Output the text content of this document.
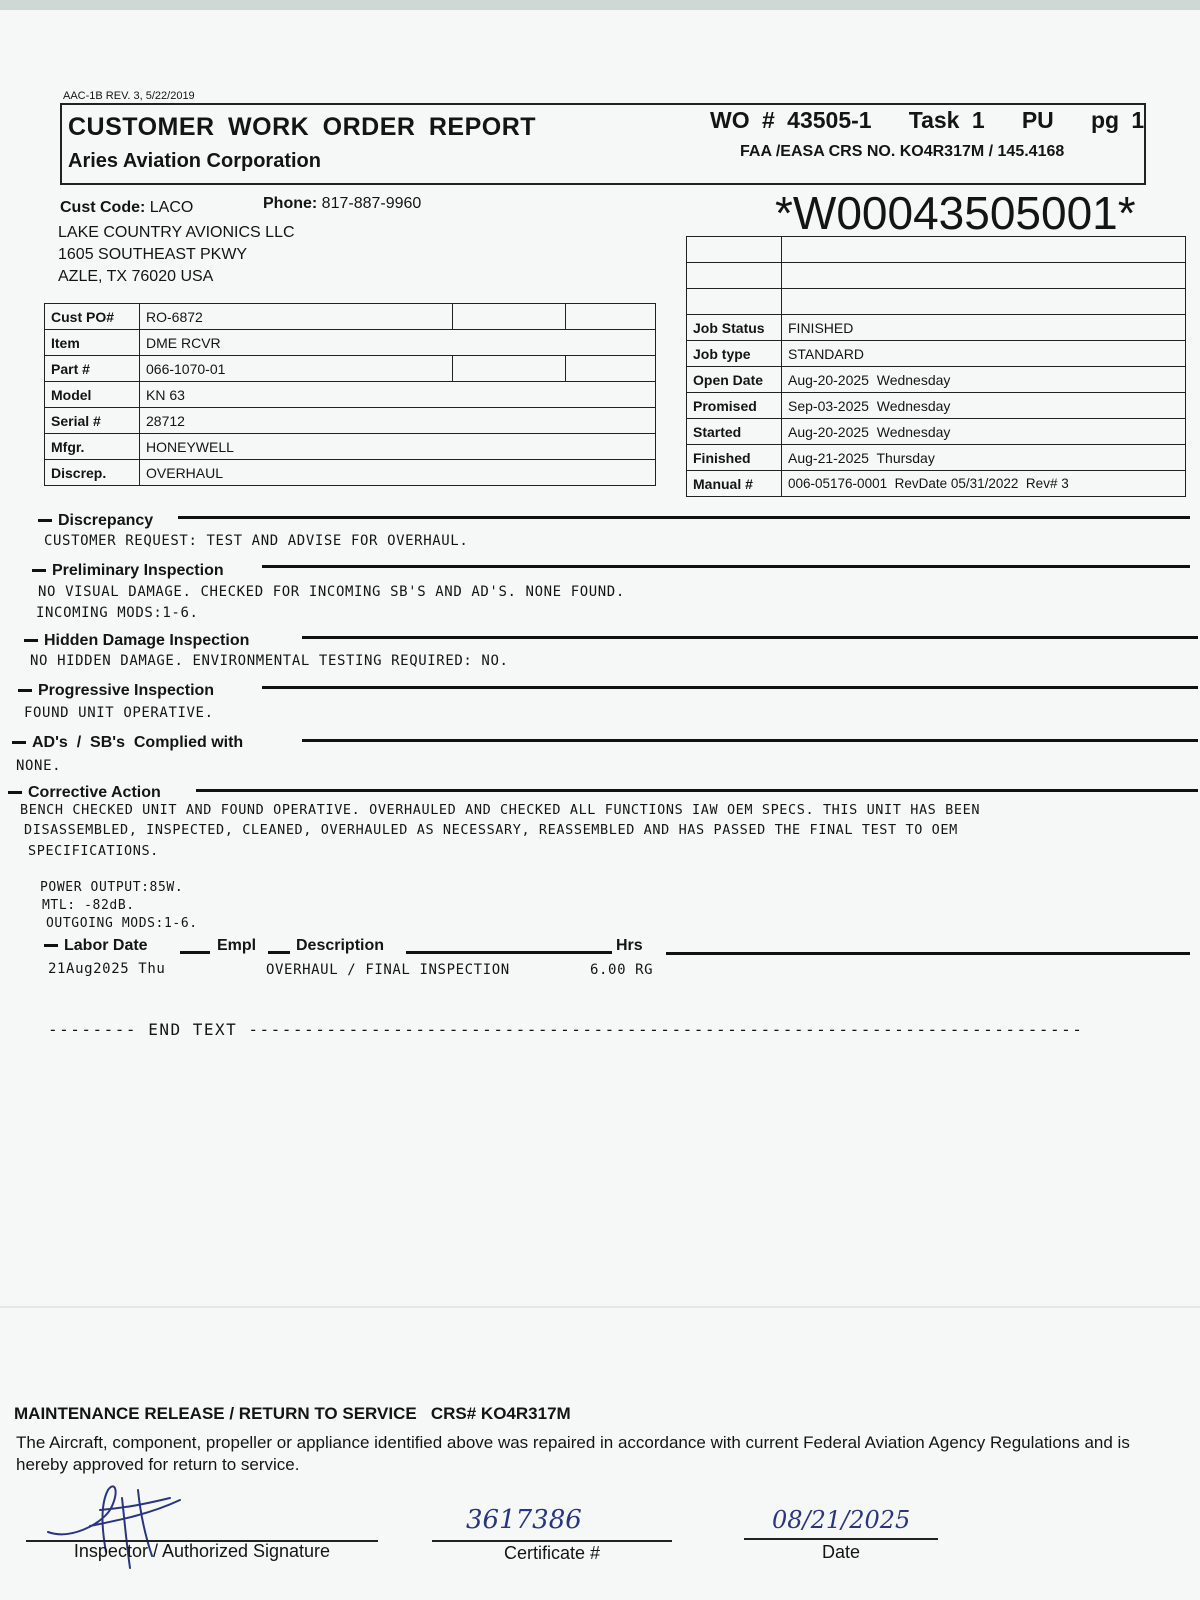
AAC-1B REV. 3, 5/22/2019
CUSTOMER WORK ORDER REPORT
Aries Aviation Corporation
WO # 43505-1   Task 1   PU   pg 1
FAA /EASA CRS NO. KO4R317M / 145.4168
*W00043505001*
Cust Code: LACO	Phone: 817-887-9960
LAKE COUNTRY AVIONICS LLC
1605 SOUTHEAST PKWY
AZLE, TX 76020 USA
Cust PO#	RO-6872		
Item	DME RCVR		
Part #	066-1070-01		
Model	KN 63		
Serial #	28712		
Mfgr.	HONEYWELL		
Discrep.	OVERHAUL		

Job Status	FINISHED
Job type	STANDARD
Open Date	Aug-20-2025  Wednesday
Promised	Sep-03-2025  Wednesday
Started	Aug-20-2025  Wednesday
Finished	Aug-21-2025  Thursday
Manual #	006-05176-0001  RevDate 05/31/2022  Rev# 3
Discrepancy
CUSTOMER REQUEST: TEST AND ADVISE FOR OVERHAUL.
Preliminary Inspection
NO VISUAL DAMAGE. CHECKED FOR INCOMING SB'S AND AD'S. NONE FOUND.
INCOMING MODS:1-6.
Hidden Damage Inspection
NO HIDDEN DAMAGE. ENVIRONMENTAL TESTING REQUIRED: NO.
Progressive Inspection
FOUND UNIT OPERATIVE.
AD's  /  SB's  Complied with
NONE.
Corrective Action
BENCH CHECKED UNIT AND FOUND OPERATIVE. OVERHAULED AND CHECKED ALL FUNCTIONS IAW OEM SPECS. THIS UNIT HAS BEEN
DISASSEMBLED, INSPECTED, CLEANED, OVERHAULED AS NECESSARY, REASSEMBLED AND HAS PASSED THE FINAL TEST TO OEM
SPECIFICATIONS.
POWER OUTPUT:85W.
MTL: -82dB.
OUTGOING MODS:1-6.
Labor Date	Empl Description	Hrs
21Aug2025 Thu	OVERHAUL / FINAL INSPECTION	6.00 RG
-------- END TEXT ---------------------------------------------------------------------------
MAINTENANCE RELEASE / RETURN TO SERVICE   CRS# KO4R317M
The Aircraft, component, propeller or appliance identified above was repaired in accordance with current Federal Aviation Agency Regulations and is hereby approved for return to service.
Inspector / Authorized Signature
3617386
Certificate #
08/21/2025
Date
